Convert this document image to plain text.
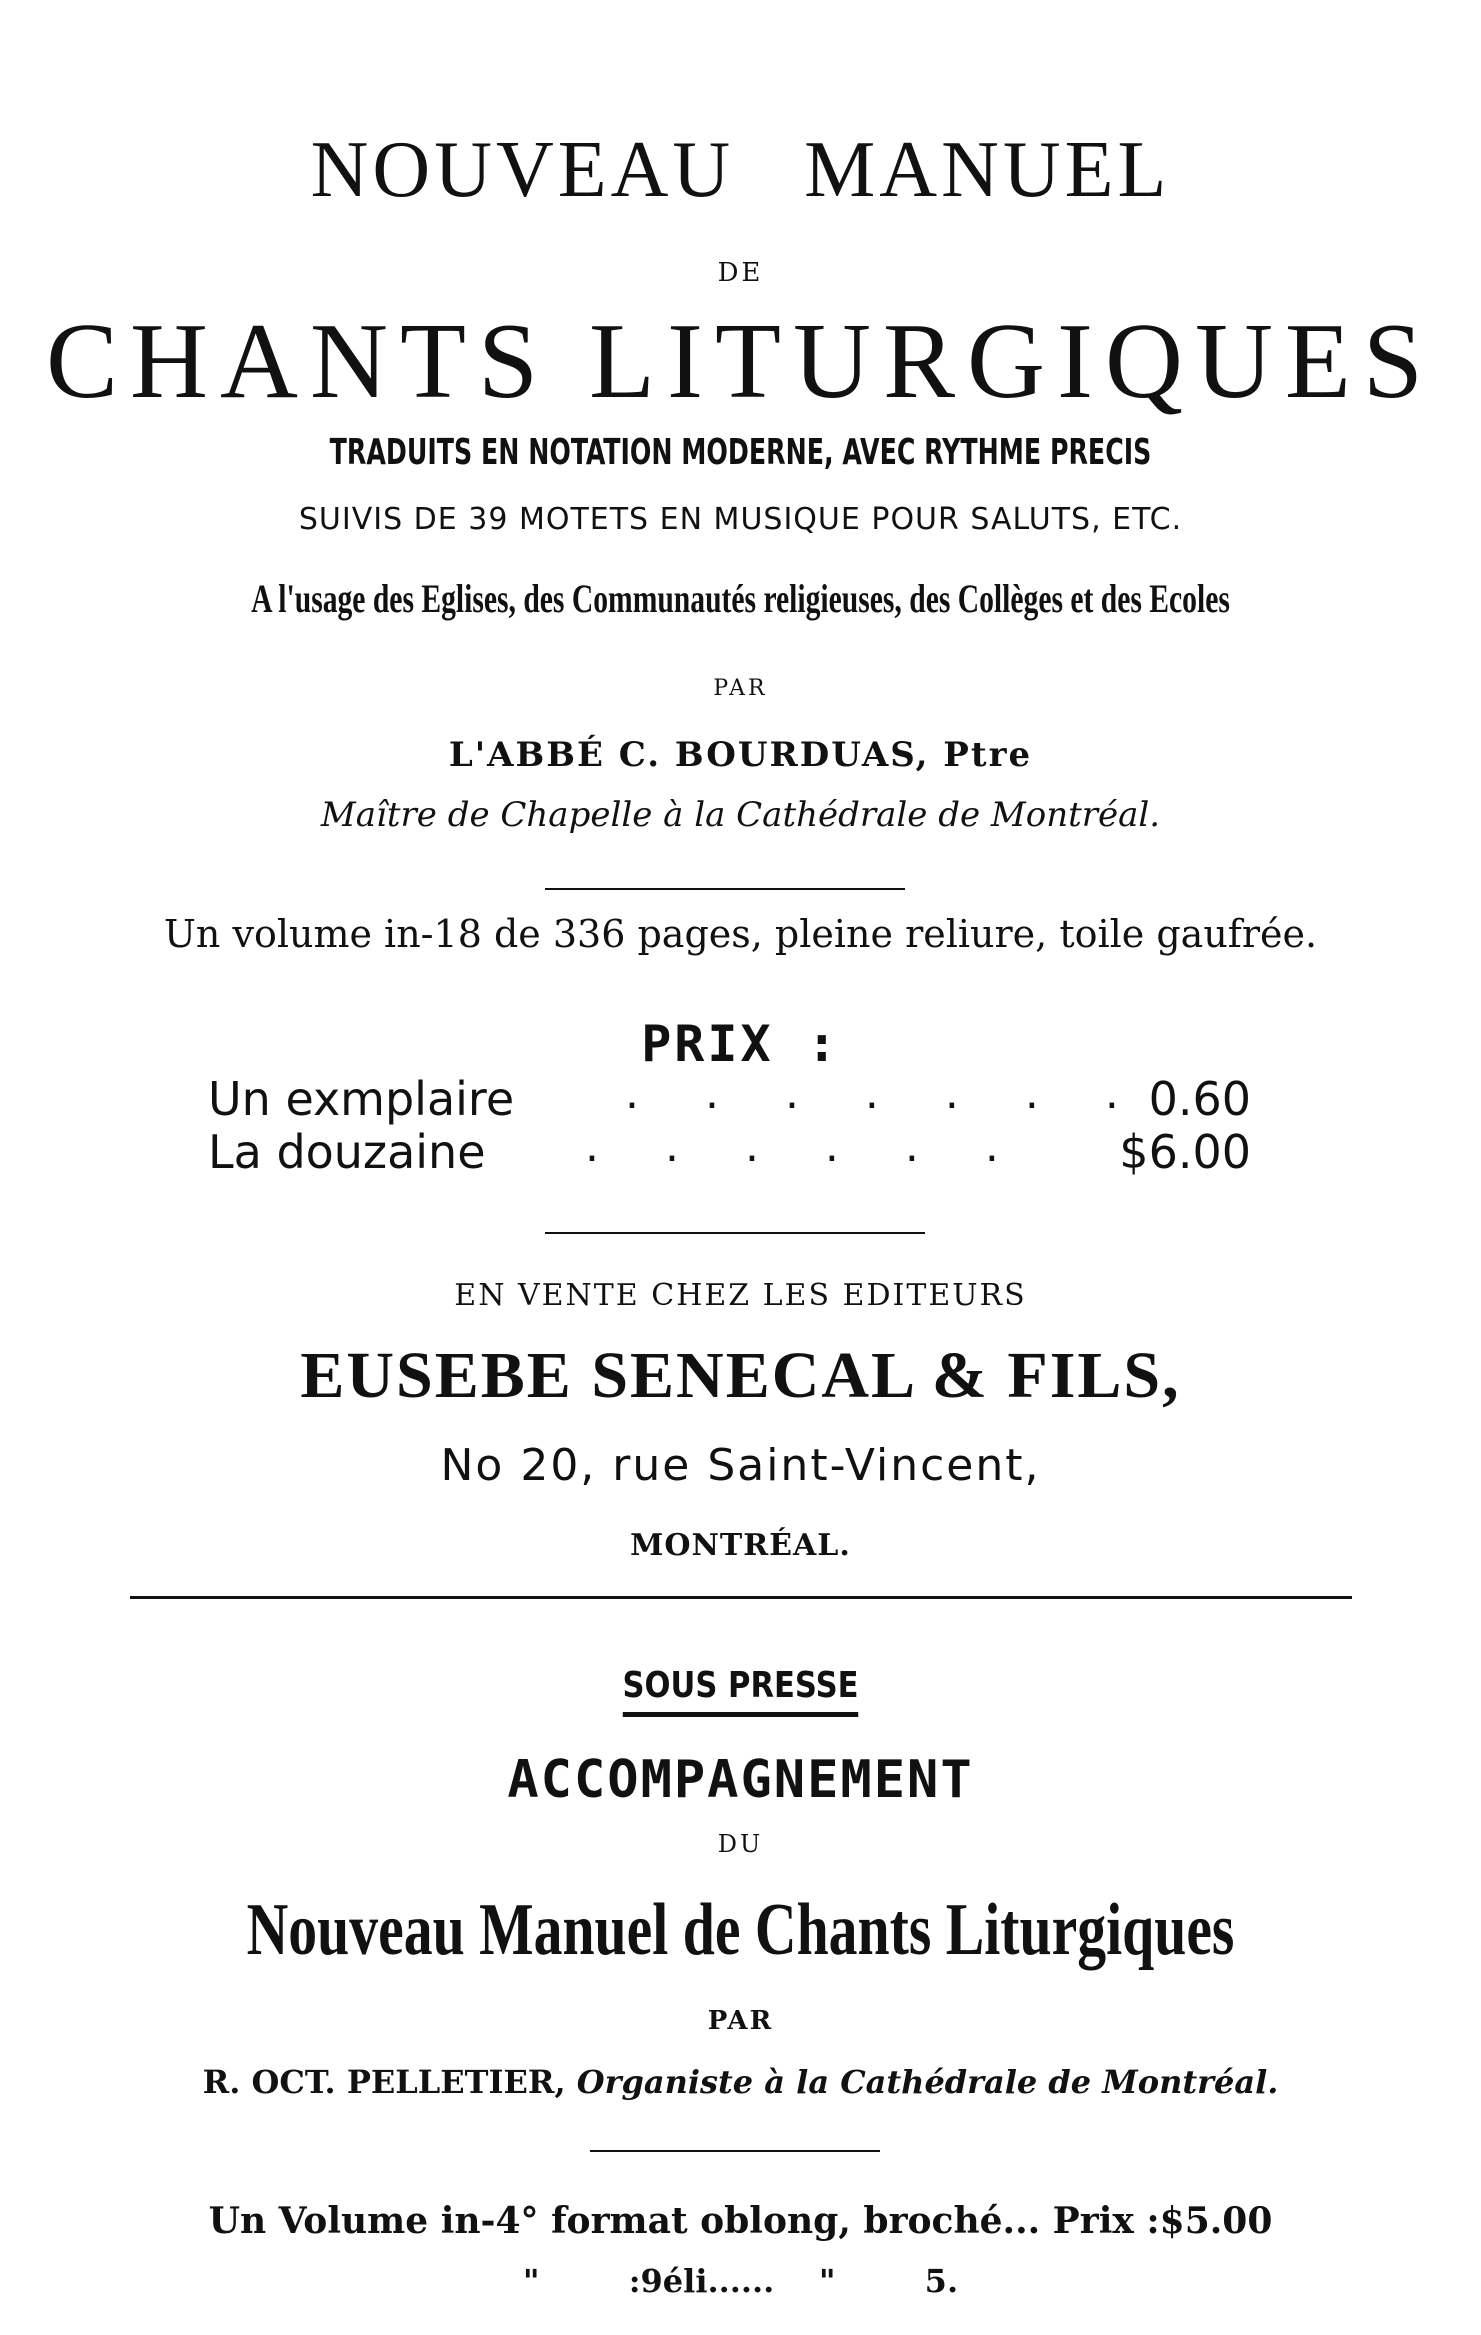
NOUVEAU MANUEL
DE
CHANTS LITURGIQUES
TRADUITS EN NOTATION MODERNE, AVEC RYTHME PRECIS
SUIVIS DE 39 MOTETS EN MUSIQUE POUR SALUTS, ETC.
A l'usage des Eglises, des Communautés religieuses, des Collèges et des Ecoles
PAR
L'ABBÉ C. BOURDUAS, Ptre
Maître de Chapelle à la Cathédrale de Montréal.
Un volume in-18 de 336 pages, pleine reliure, toile gaufrée.
PRIX :
Un exmplaire	. . . . . . . 0.60
La douzaine . . . . . . $6.00
EN VENTE CHEZ LES EDITEURS
EUSEBE SENECAL & FILS,
No 20, rue Saint-Vincent,
MONTRÉAL.
SOUS PRESSE
ACCOMPAGNEMENT
DU
Nouveau Manuel de Chants Liturgiques
PAR
R. OCT. PELLETIER, Organiste à la Cathédrale de Montréal.
Un Volume in-4° format oblong, broché... Prix :$5.00
"        :9éli......    "        5.
